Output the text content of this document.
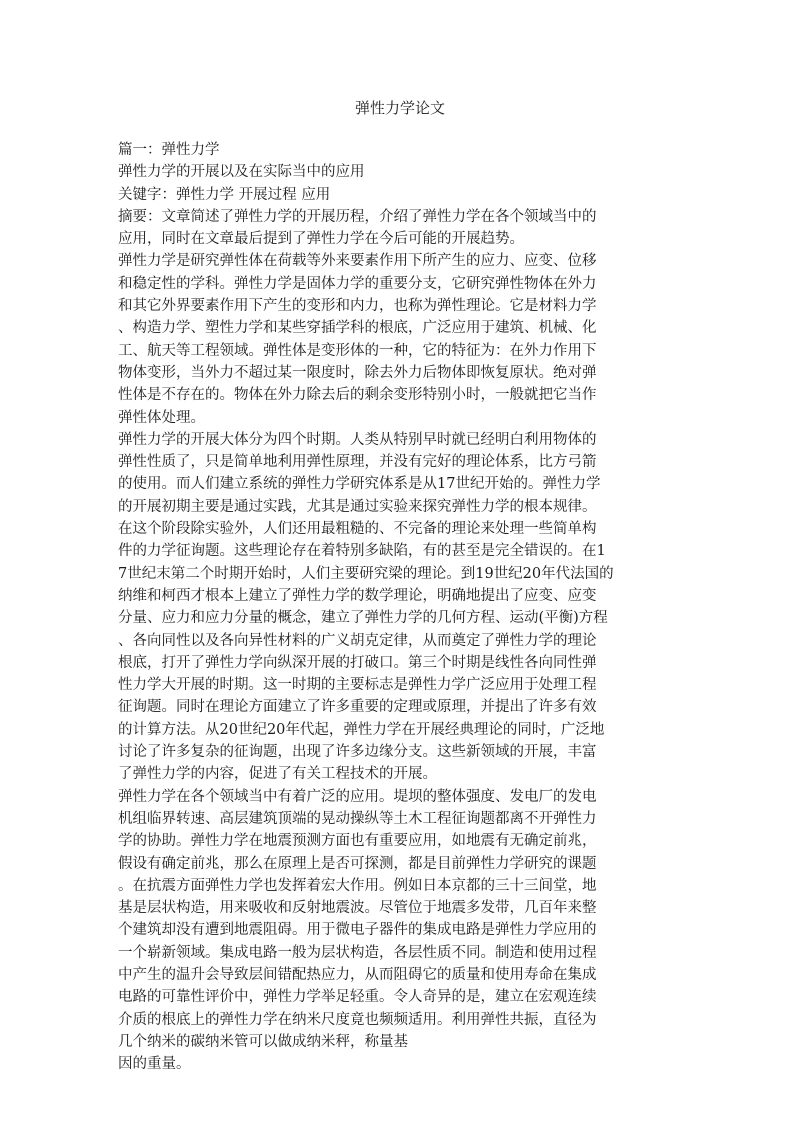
弹性力学论文
篇一：弹性力学
弹性力学的开展以及在实际当中的应用
关键字：弹性力学 开展过程 应用
摘要：文章简述了弹性力学的开展历程，介绍了弹性力学在各个领域当中的
应用，同时在文章最后提到了弹性力学在今后可能的开展趋势。
弹性力学是研究弹性体在荷载等外来要素作用下所产生的应力、应变、位移
和稳定性的学科。弹性力学是固体力学的重要分支，它研究弹性物体在外力
和其它外界要素作用下产生的变形和内力，也称为弹性理论。它是材料力学
、构造力学、塑性力学和某些穿插学科的根底，广泛应用于建筑、机械、化
工、航天等工程领域。弹性体是变形体的一种，它的特征为：在外力作用下
物体变形，当外力不超过某一限度时，除去外力后物体即恢复原状。绝对弹
性体是不存在的。物体在外力除去后的剩余变形特别小时，一般就把它当作
弹性体处理。
弹性力学的开展大体分为四个时期。人类从特别早时就已经明白利用物体的
弹性性质了，只是简单地利用弹性原理，并没有完好的理论体系，比方弓箭
的使用。而人们建立系统的弹性力学研究体系是从17世纪开始的。弹性力学
的开展初期主要是通过实践，尤其是通过实验来探究弹性力学的根本规律。
在这个阶段除实验外，人们还用最粗糙的、不完备的理论来处理一些简单构
件的力学征询题。这些理论存在着特别多缺陷，有的甚至是完全错误的。在1
7世纪末第二个时期开始时，人们主要研究梁的理论。到19世纪20年代法国的
纳维和柯西才根本上建立了弹性力学的数学理论，明确地提出了应变、应变
分量、应力和应力分量的概念，建立了弹性力学的几何方程、运动(平衡)方程
、各向同性以及各向异性材料的广义胡克定律，从而奠定了弹性力学的理论
根底，打开了弹性力学向纵深开展的打破口。第三个时期是线性各向同性弹
性力学大开展的时期。这一时期的主要标志是弹性力学广泛应用于处理工程
征询题。同时在理论方面建立了许多重要的定理或原理，并提出了许多有效
的计算方法。从20世纪20年代起，弹性力学在开展经典理论的同时，广泛地
讨论了许多复杂的征询题，出现了许多边缘分支。这些新领域的开展，丰富
了弹性力学的内容，促进了有关工程技术的开展。
弹性力学在各个领域当中有着广泛的应用。堤坝的整体强度、发电厂的发电
机组临界转速、高层建筑顶端的晃动操纵等土木工程征询题都离不开弹性力
学的协助。弹性力学在地震预测方面也有重要应用，如地震有无确定前兆，
假设有确定前兆，那么在原理上是否可探测，都是目前弹性力学研究的课题
。在抗震方面弹性力学也发挥着宏大作用。例如日本京都的三十三间堂，地
基是层状构造，用来吸收和反射地震波。尽管位于地震多发带，几百年来整
个建筑却没有遭到地震阻碍。用于微电子器件的集成电路是弹性力学应用的
一个崭新领域。集成电路一般为层状构造，各层性质不同。制造和使用过程
中产生的温升会导致层间错配热应力，从而阻碍它的质量和使用寿命在集成
电路的可靠性评价中，弹性力学举足轻重。令人奇异的是，建立在宏观连续
介质的根底上的弹性力学在纳米尺度竟也频频适用。利用弹性共振，直径为
几个纳米的碳纳米管可以做成纳米秤，称量基
因的重量。
